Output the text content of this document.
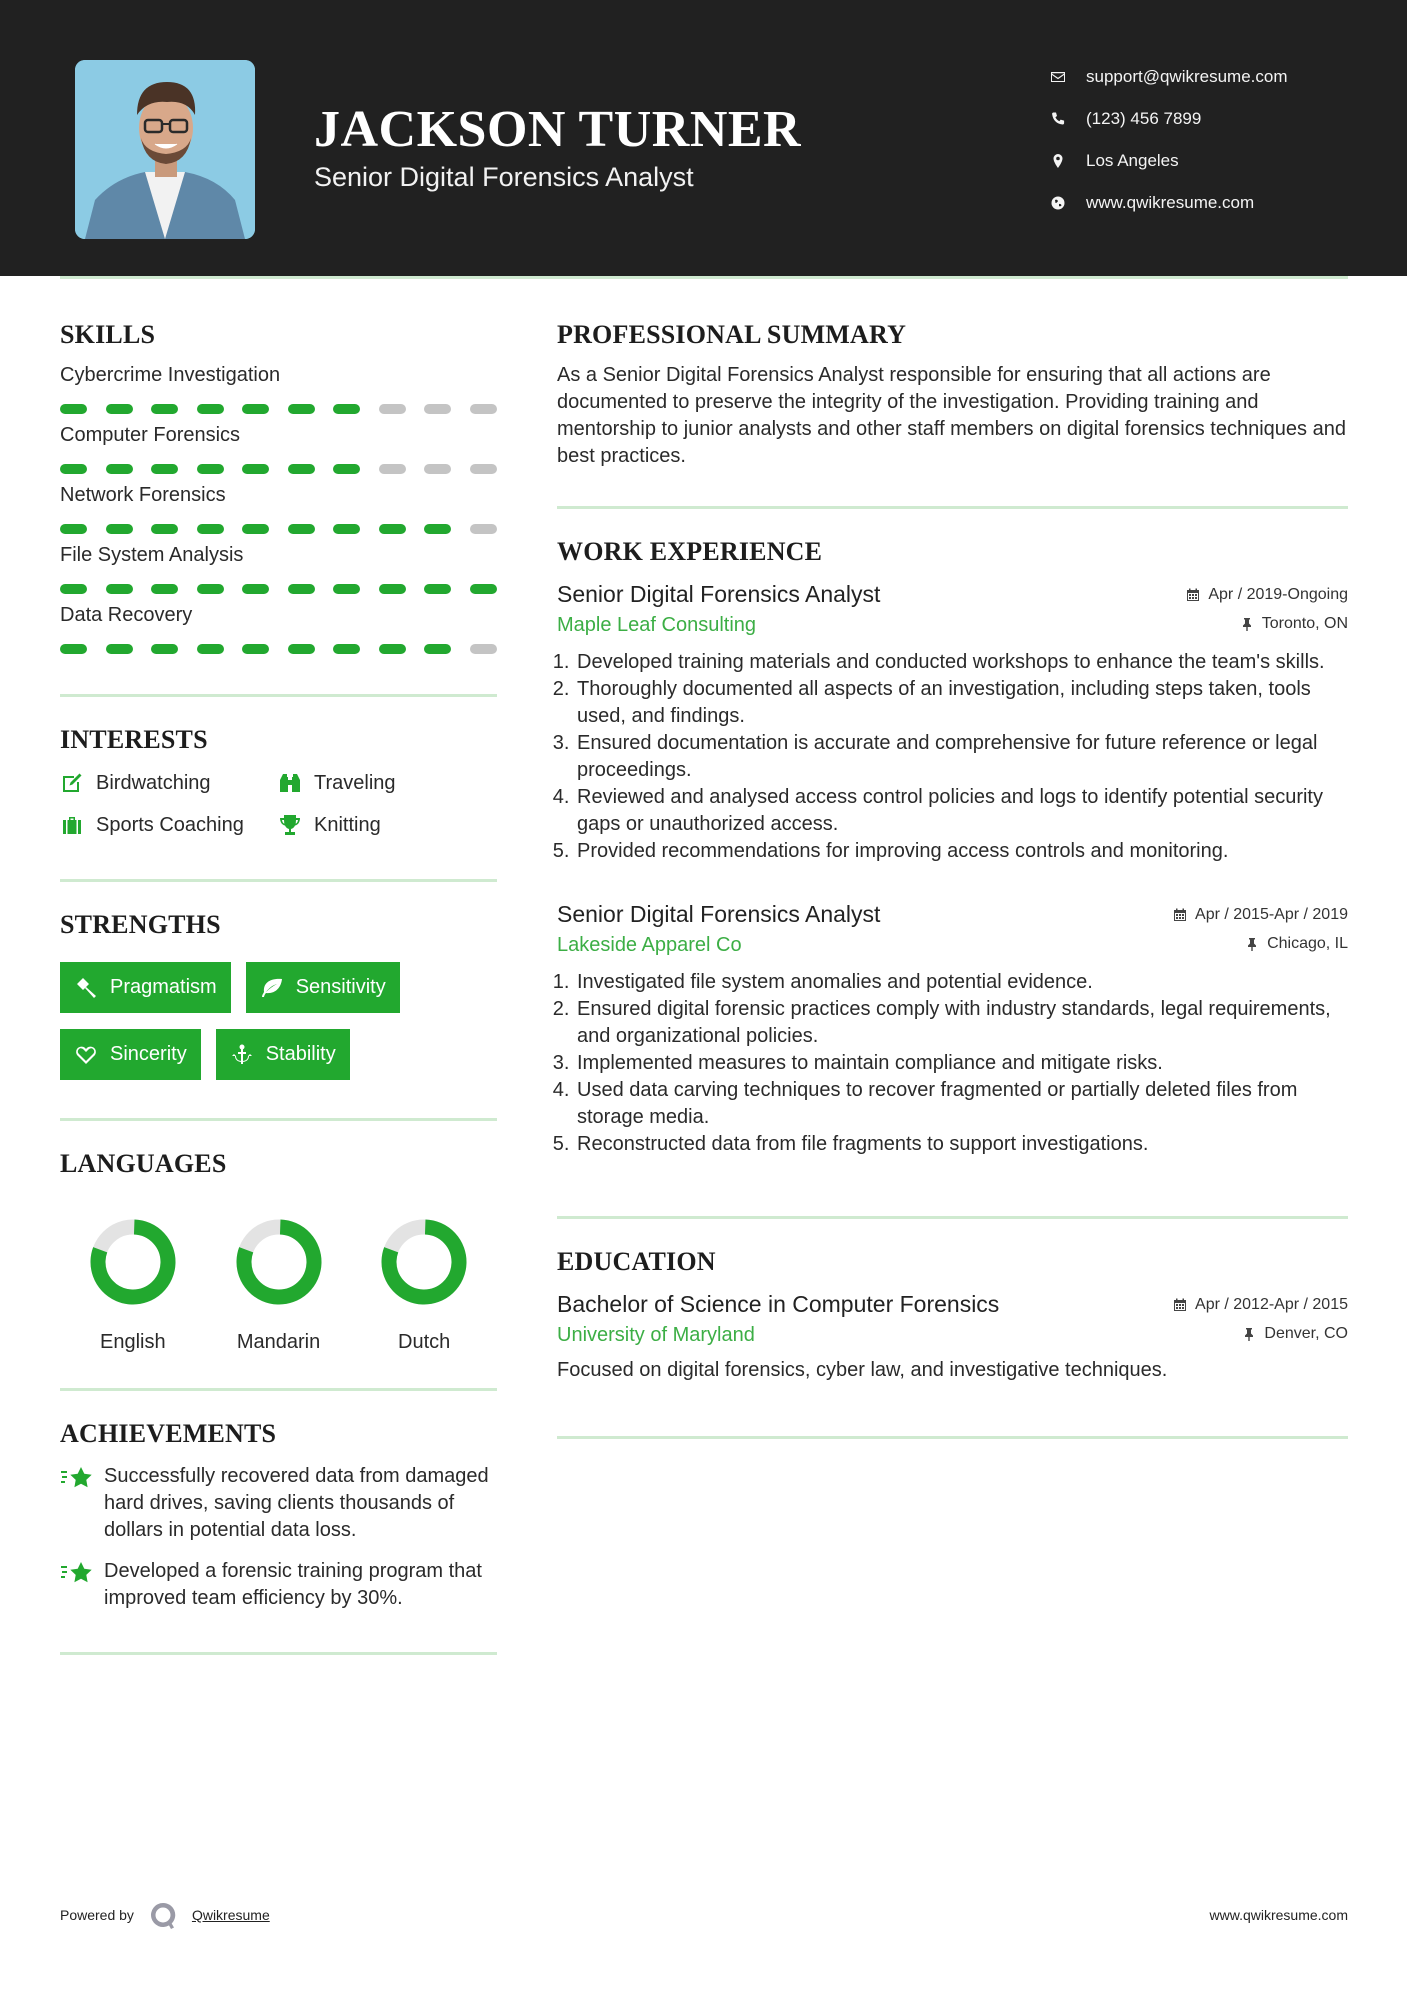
JACKSON TURNER
Senior Digital Forensics Analyst
support@qwikresume.com
(123) 456 7899
Los Angeles
www.qwikresume.com
SKILLS
Cybercrime Investigation
Computer Forensics
Network Forensics
File System Analysis
Data Recovery
INTERESTS
Birdwatching	Traveling
Sports Coaching	Knitting
STRENGTHS
Pragmatism	Sensitivity
Sincerity	Stability
LANGUAGES
English	Mandarin	Dutch
ACHIEVEMENTS
Successfully recovered data from damaged hard drives, saving clients thousands of dollars in potential data loss.
Developed a forensic training program that improved team efficiency by 30%.
PROFESSIONAL SUMMARY
As a Senior Digital Forensics Analyst responsible for ensuring that all actions are documented to preserve the integrity of the investigation. Providing training and mentorship to junior analysts and other staff members on digital forensics techniques and best practices.
WORK EXPERIENCE
Senior Digital Forensics Analyst	Apr / 2019-Ongoing
Maple Leaf Consulting	Toronto, ON
1. Developed training materials and conducted workshops to enhance the team's skills.
2. Thoroughly documented all aspects of an investigation, including steps taken, tools used, and findings.
3. Ensured documentation is accurate and comprehensive for future reference or legal proceedings.
4. Reviewed and analysed access control policies and logs to identify potential security gaps or unauthorized access.
5. Provided recommendations for improving access controls and monitoring.
Senior Digital Forensics Analyst	Apr / 2015-Apr / 2019
Lakeside Apparel Co	Chicago, IL
1. Investigated file system anomalies and potential evidence.
2. Ensured digital forensic practices comply with industry standards, legal requirements, and organizational policies.
3. Implemented measures to maintain compliance and mitigate risks.
4. Used data carving techniques to recover fragmented or partially deleted files from storage media.
5. Reconstructed data from file fragments to support investigations.
EDUCATION
Bachelor of Science in Computer Forensics	Apr / 2012-Apr / 2015
University of Maryland	Denver, CO
Focused on digital forensics, cyber law, and investigative techniques.
Powered by	Qwikresume	www.qwikresume.com
